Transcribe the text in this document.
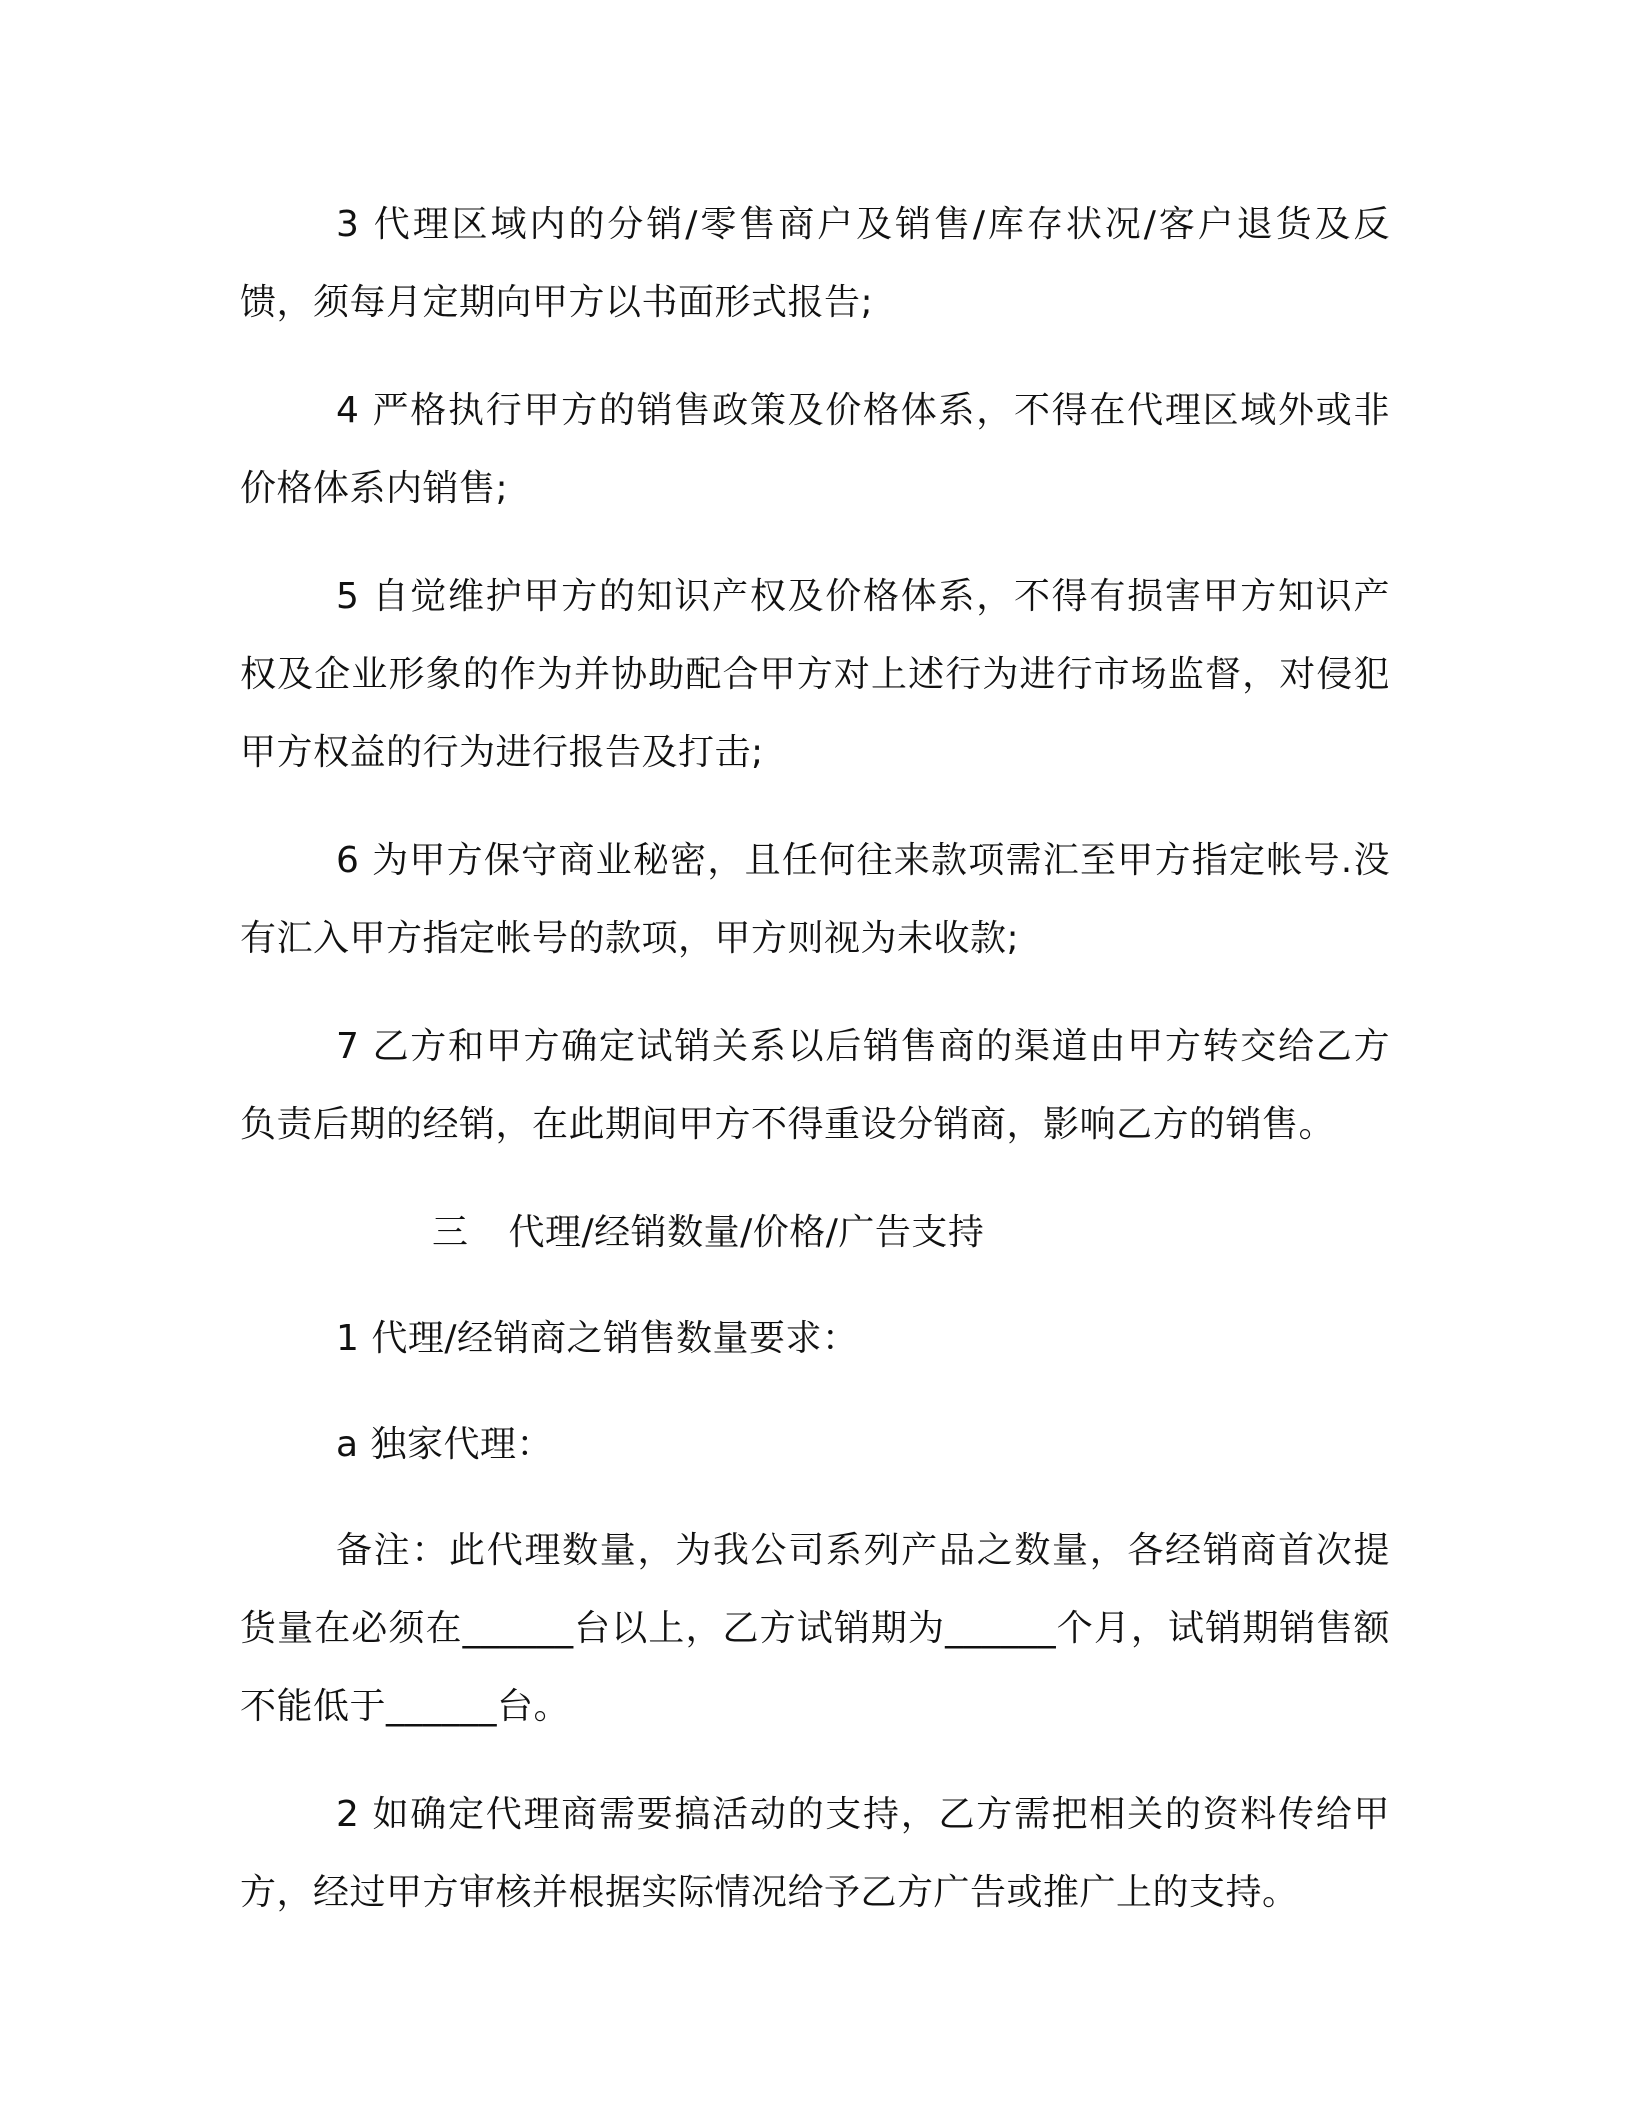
3 代理区域内的分销/零售商户及销售/库存状况/客户退货及反馈，须每月定期向甲方以书面形式报告;

4 严格执行甲方的销售政策及价格体系，不得在代理区域外或非价格体系内销售;

5 自觉维护甲方的知识产权及价格体系，不得有损害甲方知识产权及企业形象的作为并协助配合甲方对上述行为进行市场监督，对侵犯甲方权益的行为进行报告及打击;

6 为甲方保守商业秘密，且任何往来款项需汇至甲方指定帐号.没有汇入甲方指定帐号的款项，甲方则视为未收款;

7 乙方和甲方确定试销关系以后销售商的渠道由甲方转交给乙方负责后期的经销，在此期间甲方不得重设分销商，影响乙方的销售。

三 代理/经销数量/价格/广告支持

1 代理/经销商之销售数量要求：

a 独家代理：

备注：此代理数量，为我公司系列产品之数量，各经销商首次提货量在必须在______台以上，乙方试销期为______个月，试销期销售额不能低于______台。

2 如确定代理商需要搞活动的支持，乙方需把相关的资料传给甲方，经过甲方审核并根据实际情况给予乙方广告或推广上的支持。
